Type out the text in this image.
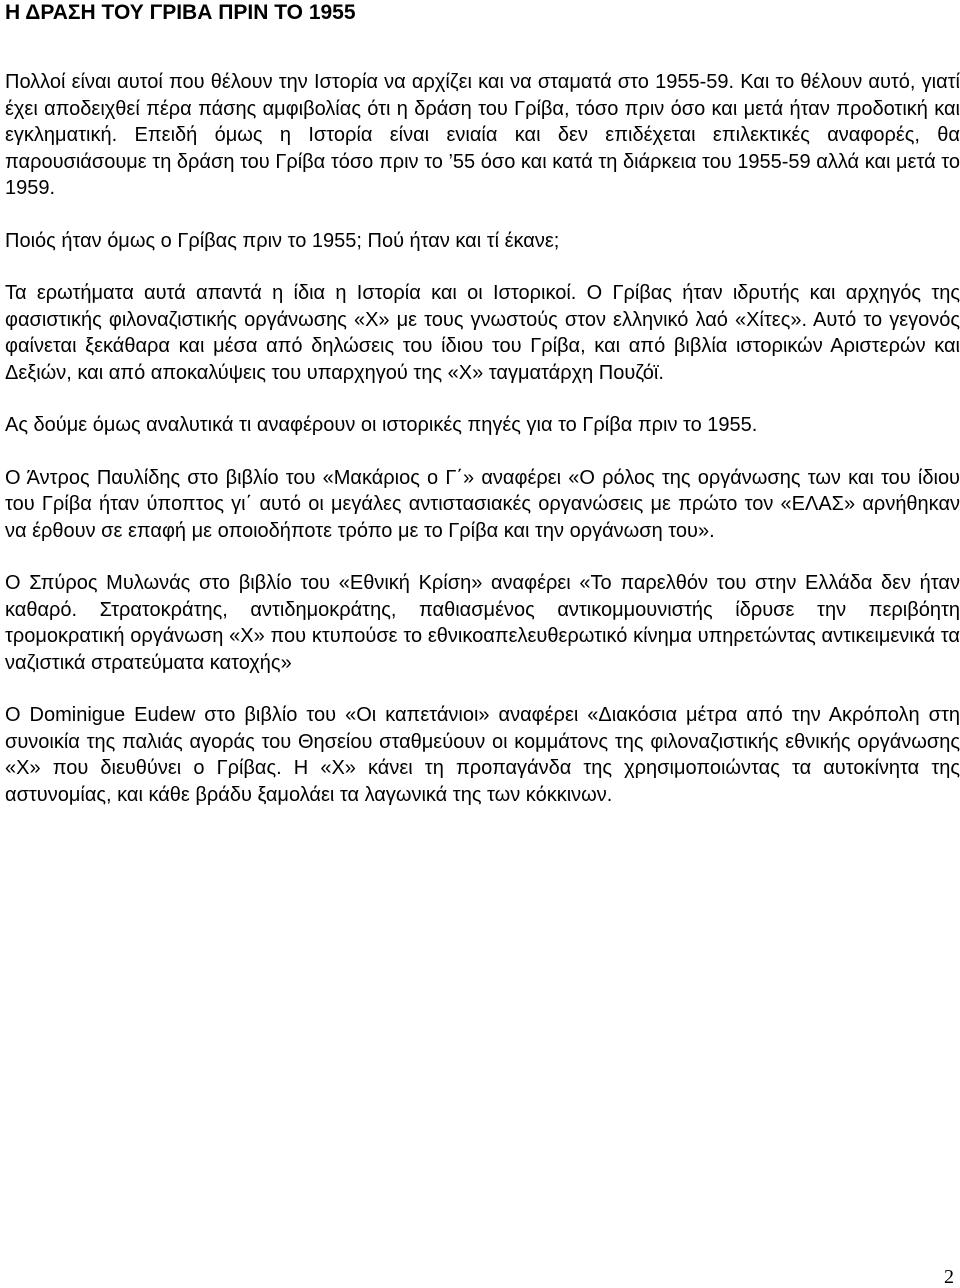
Η ΔΡΑΣΗ ΤΟΥ ΓΡΙΒΑ ΠΡΙΝ ΤΟ 1955

Πολλοί είναι αυτοί που θέλουν την Ιστορία να αρχίζει και να σταματά στο 1955-59. Και το θέλουν αυτό, γιατί έχει αποδειχθεί πέρα πάσης αμφιβολίας ότι η δράση του Γρίβα, τόσο πριν όσο και μετά ήταν προδοτική και εγκληματική. Επειδή όμως η Ιστορία είναι ενιαία και δεν επιδέχεται επιλεκτικές αναφορές, θα παρουσιάσουμε τη δράση του Γρίβα τόσο πριν το ’55 όσο και κατά τη διάρκεια του 1955-59 αλλά και μετά το 1959.

Ποιός ήταν όμως ο Γρίβας πριν το 1955; Πού ήταν και τί έκανε;

Τα ερωτήματα αυτά απαντά η ίδια η Ιστορία και οι Ιστορικοί. Ο Γρίβας ήταν ιδρυτής και αρχηγός της φασιστικής φιλοναζιστικής οργάνωσης «Χ» με τους γνωστούς στον ελληνικό λαό «Χίτες». Αυτό το γεγονός φαίνεται ξεκάθαρα και μέσα από δηλώσεις του ίδιου του Γρίβα, και από βιβλία ιστορικών Αριστερών και Δεξιών, και από αποκαλύψεις του υπαρχηγού της «Χ» ταγματάρχη Πουζόϊ.

Ας δούμε όμως αναλυτικά τι αναφέρουν οι ιστορικές πηγές για το Γρίβα πριν το 1955.

Ο Άντρος Παυλίδης στο βιβλίο του «Μακάριος ο Γ΄» αναφέρει «Ο ρόλος της οργάνωσης των και του ίδιου του Γρίβα ήταν ύποπτος γι΄ αυτό οι μεγάλες αντιστασιακές οργανώσεις με πρώτο τον «ΕΛΑΣ» αρνήθηκαν να έρθουν σε επαφή με οποιοδήποτε τρόπο με το Γρίβα και την οργάνωση του».

Ο Σπύρος Μυλωνάς στο βιβλίο του «Εθνική Κρίση» αναφέρει «Το παρελθόν του στην Ελλάδα δεν ήταν καθαρό. Στρατοκράτης, αντιδημοκράτης, παθιασμένος αντικομμουνιστής ίδρυσε την περιβόητη τρομοκρατική οργάνωση «Χ» που κτυπούσε το εθνικοαπελευθερωτικό κίνημα υπηρετώντας αντικειμενικά τα ναζιστικά στρατεύματα κατοχής»

Ο Dominigue Eudew στο βιβλίο του «Οι καπετάνιοι» αναφέρει «Διακόσια μέτρα από την Ακρόπολη στη συνοικία της παλιάς αγοράς του Θησείου σταθμεύουν οι κομμάτονς της φιλοναζιστικής εθνικής οργάνωσης «Χ» που διευθύνει ο Γρίβας. Η «Χ» κάνει τη προπαγάνδα της χρησιμοποιώντας τα αυτοκίνητα της αστυνομίας, και κάθε βράδυ ξαμολάει τα λαγωνικά της των κόκκινων.

2
